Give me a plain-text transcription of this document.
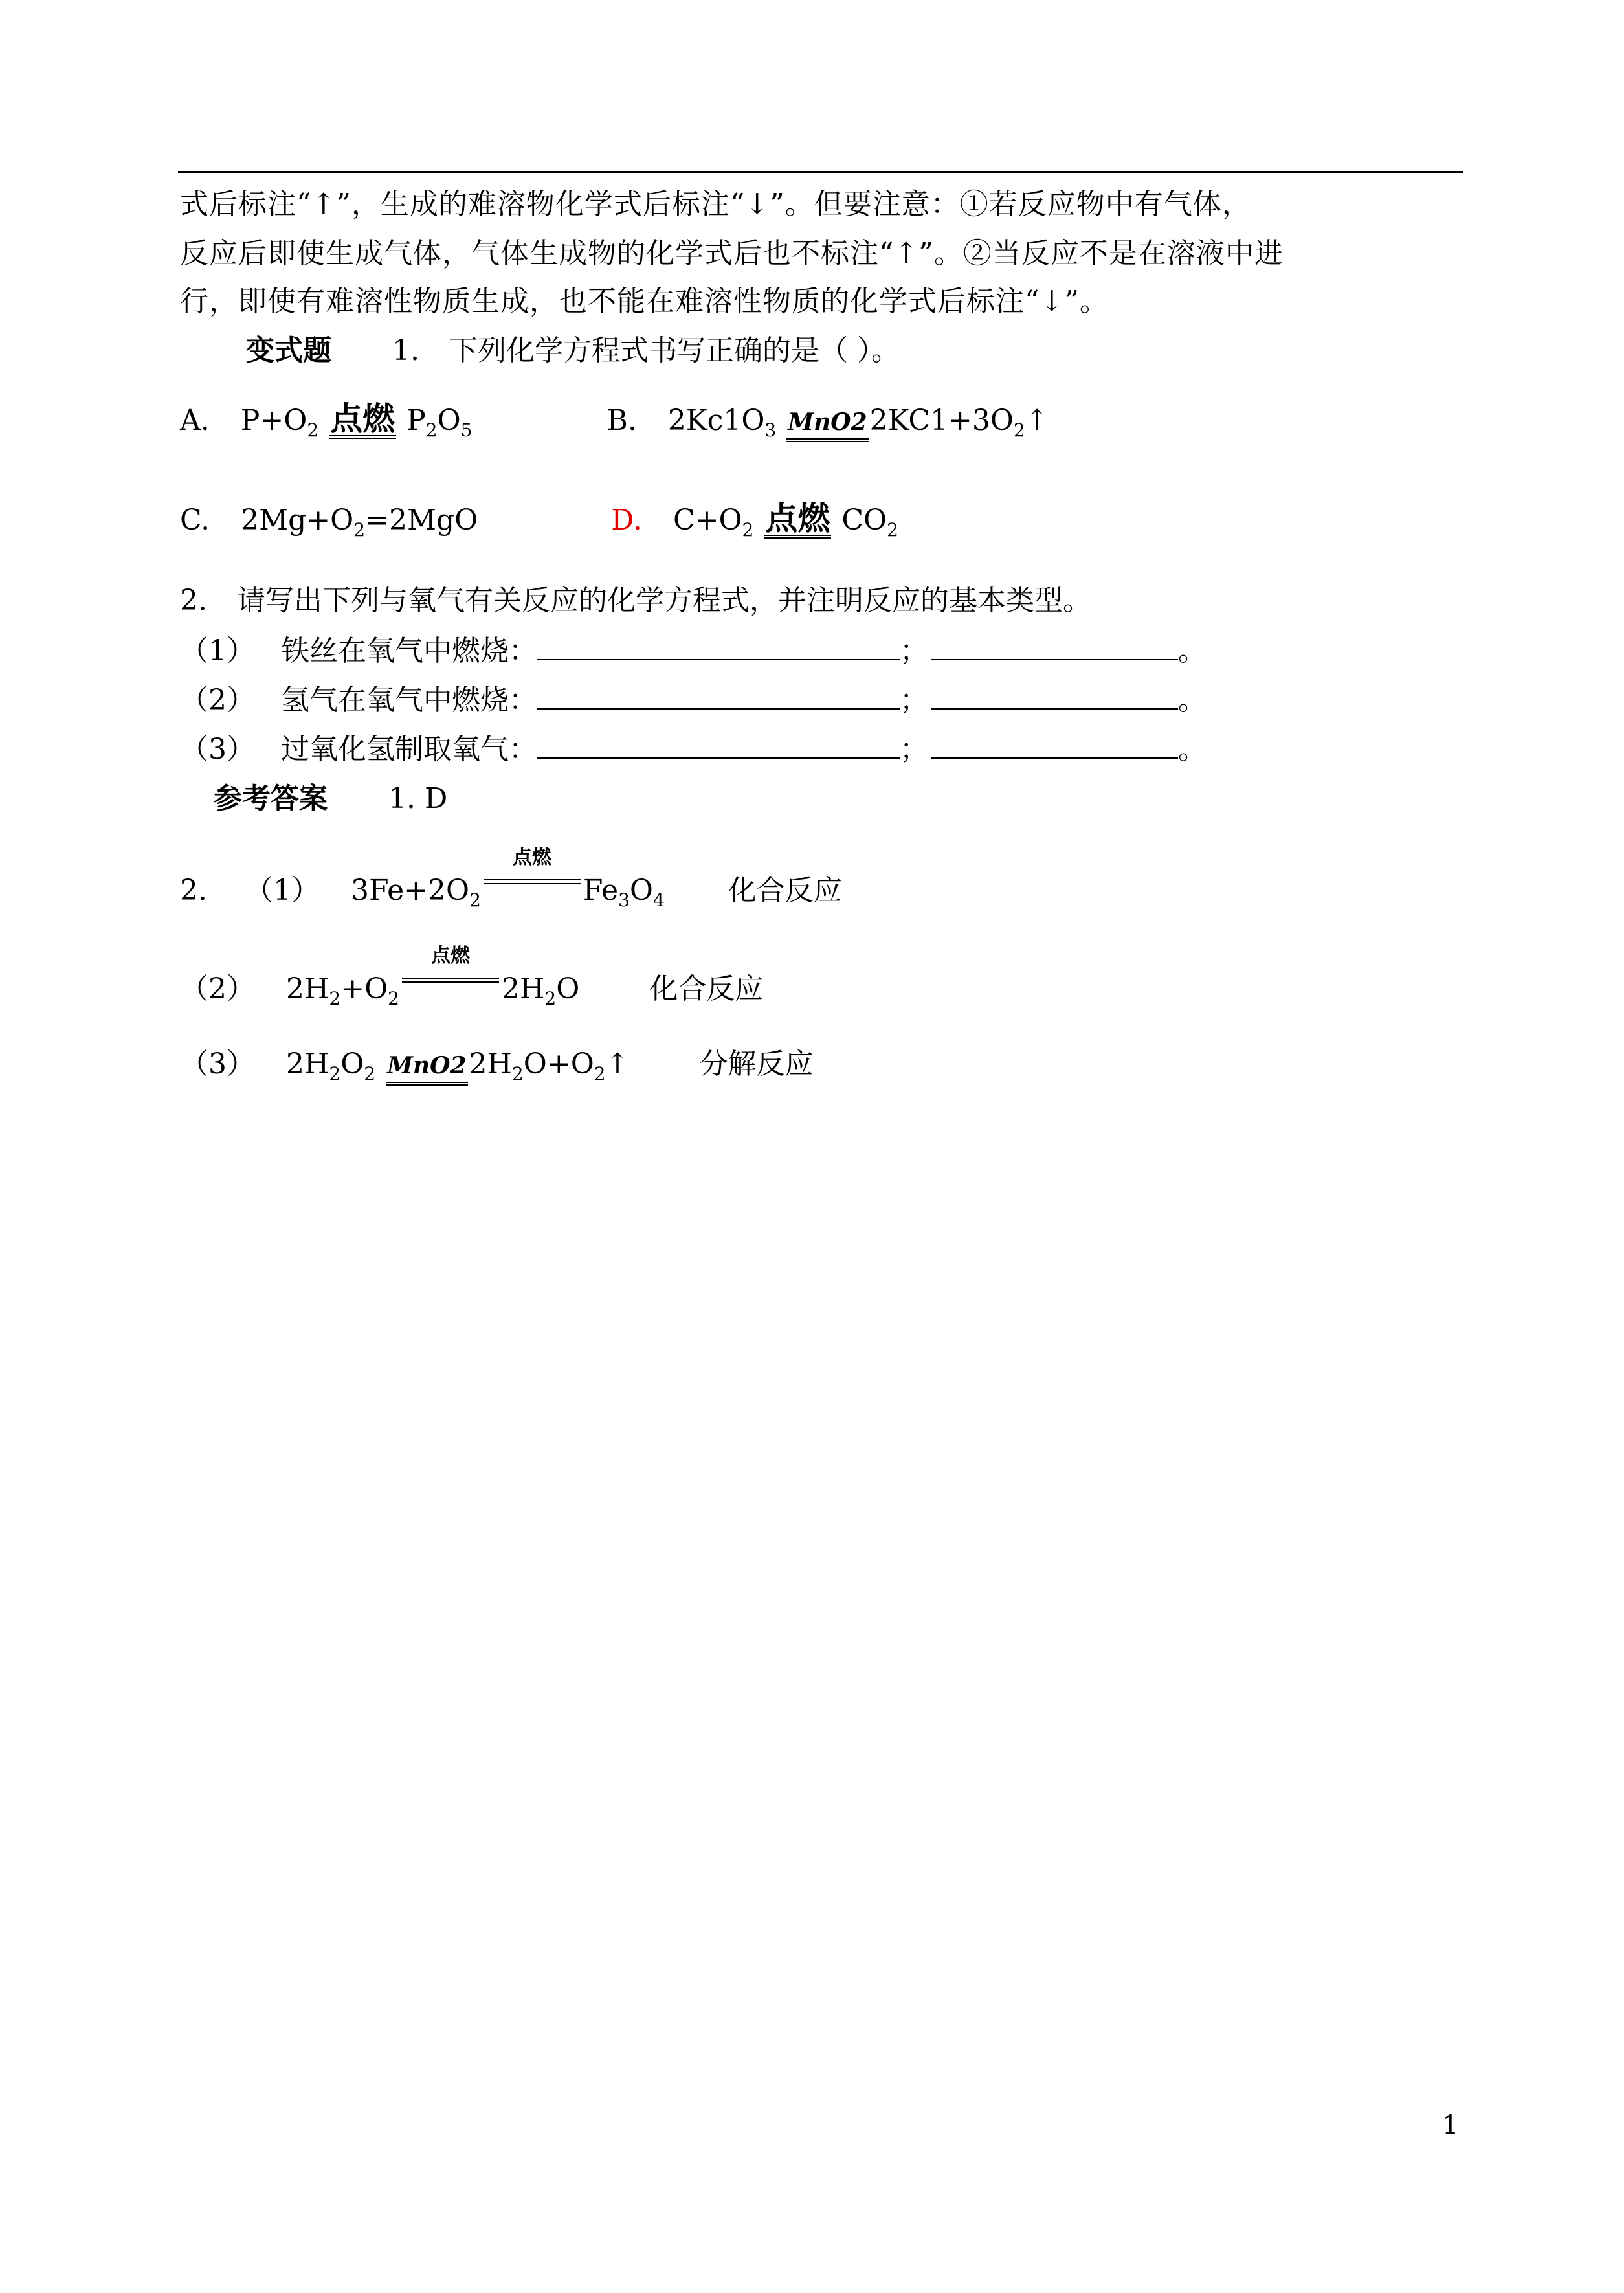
式后标注“↑”，生成的难溶物化学式后标注“↓”。但要注意：①若反应物中有气体，
反应后即使生成气体，气体生成物的化学式后也不标注“↑”。②当反应不是在溶液中进
行，即使有难溶性物质生成，也不能在难溶性物质的化学式后标注“↓”。
变式题 1. 下列化学方程式书写正确的是（ ）。
A. $P+O_2$ 点燃 $P_2O_5$	B. $2Kc1O_3$ $MnO22KC1+3O_2↑$
C. $2Mg+O_2=2MgO$	D. $C+O_2$ 点燃 $CO_2$
2. 请写出下列与氧气有关反应的化学方程式，并注明反应的基本类型。
（1） 铁丝在氧气中燃烧：	；	。
（2） 氢气在氧气中燃烧：	；	。
（3） 过氧化氢制取氧气：	；	。
参考答案 1. D
2. （1） $3Fe+2O_2$
点燃
$Fe_3O_4$ 化合反应
（2） $2H_2+O_2$
点燃
$2H_2O$ 化合反应
（3） $2H_2O_2$ $MnO22H_2O+O_2↑$ 分解反应
1
